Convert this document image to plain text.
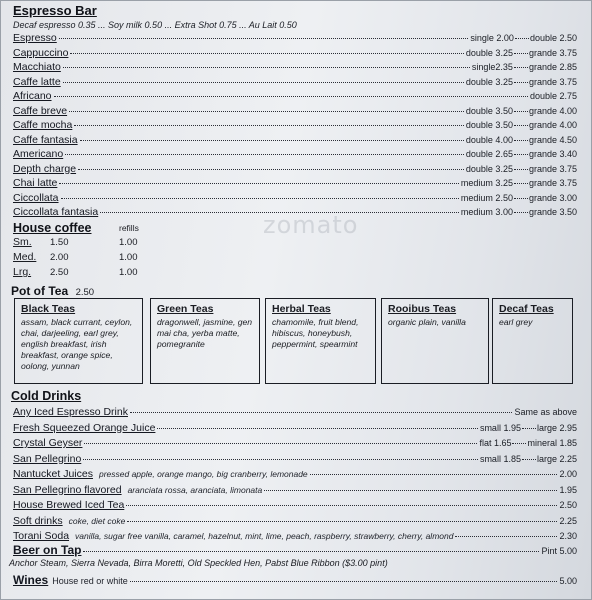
Espresso Bar
Decaf espresso 0.35 ... Soy milk 0.50 ... Extra Shot 0.75 ... Au Lait 0.50
Espresso	single 2.00 double 2.50
Cappuccino	double 3.25 grande 3.75
Macchiato	single2.35 grande 2.85
Caffe latte	double 3.25 grande 3.75
Africano	double 2.75
Caffe breve	double 3.50 grande 4.00
Caffe mocha	double 3.50 grande 4.00
Caffe fantasia	double 4.00 grande 4.50
Americano	double 2.65 grande 3.40
Depth charge	double 3.25 grande 3.75
Chai latte	medium 3.25 grande 3.75
Ciccollata	medium 2.50 grande 3.00
Ciccollata fantasia	medium 3.00 grande 3.50
zomato
House coffee	refills
Sm. 1.50	1.00
Med. 2.00	1.00
Lrg. 2.50	1.00
Pot of Tea 2.50
Black Teas
assam, black currant, ceylon, chai, darjeeling, earl grey, english breakfast, irish breakfast, orange spice, oolong, yunnan
Green Teas
dragonwell, jasmine, gen mai cha, yerba matte, pomegranite
Herbal Teas
chamomile, fruit blend, hibiscus, honeybush, peppermint, spearmint
Rooibus Teas
organic plain, vanilla
Decaf Teas
earl grey
Cold Drinks
Any Iced Espresso Drink	Same as above
Fresh Squeezed Orange Juice	small 1.95 large 2.95
Crystal Geyser	flat 1.65 mineral 1.85
San Pellegrino	small 1.85 large 2.25
Nantucket Juices pressed apple, orange mango, big cranberry, lemonade	2.00
San Pellegrino flavored aranciata rossa, aranciata, limonata	1.95
House Brewed Iced Tea	2.50
Soft drinks coke, diet coke	2.25
Torani Soda vanilla, sugar free vanilla, caramel, hazelnut, mint, lime, peach, raspberry, strawberry, cherry, almond	2.30
Beer on Tap	Pint 5.00
Anchor Steam, Sierra Nevada, Birra Moretti, Old Speckled Hen, Pabst Blue Ribbon ($3.00 pint)
Wines House red or white	5.00
